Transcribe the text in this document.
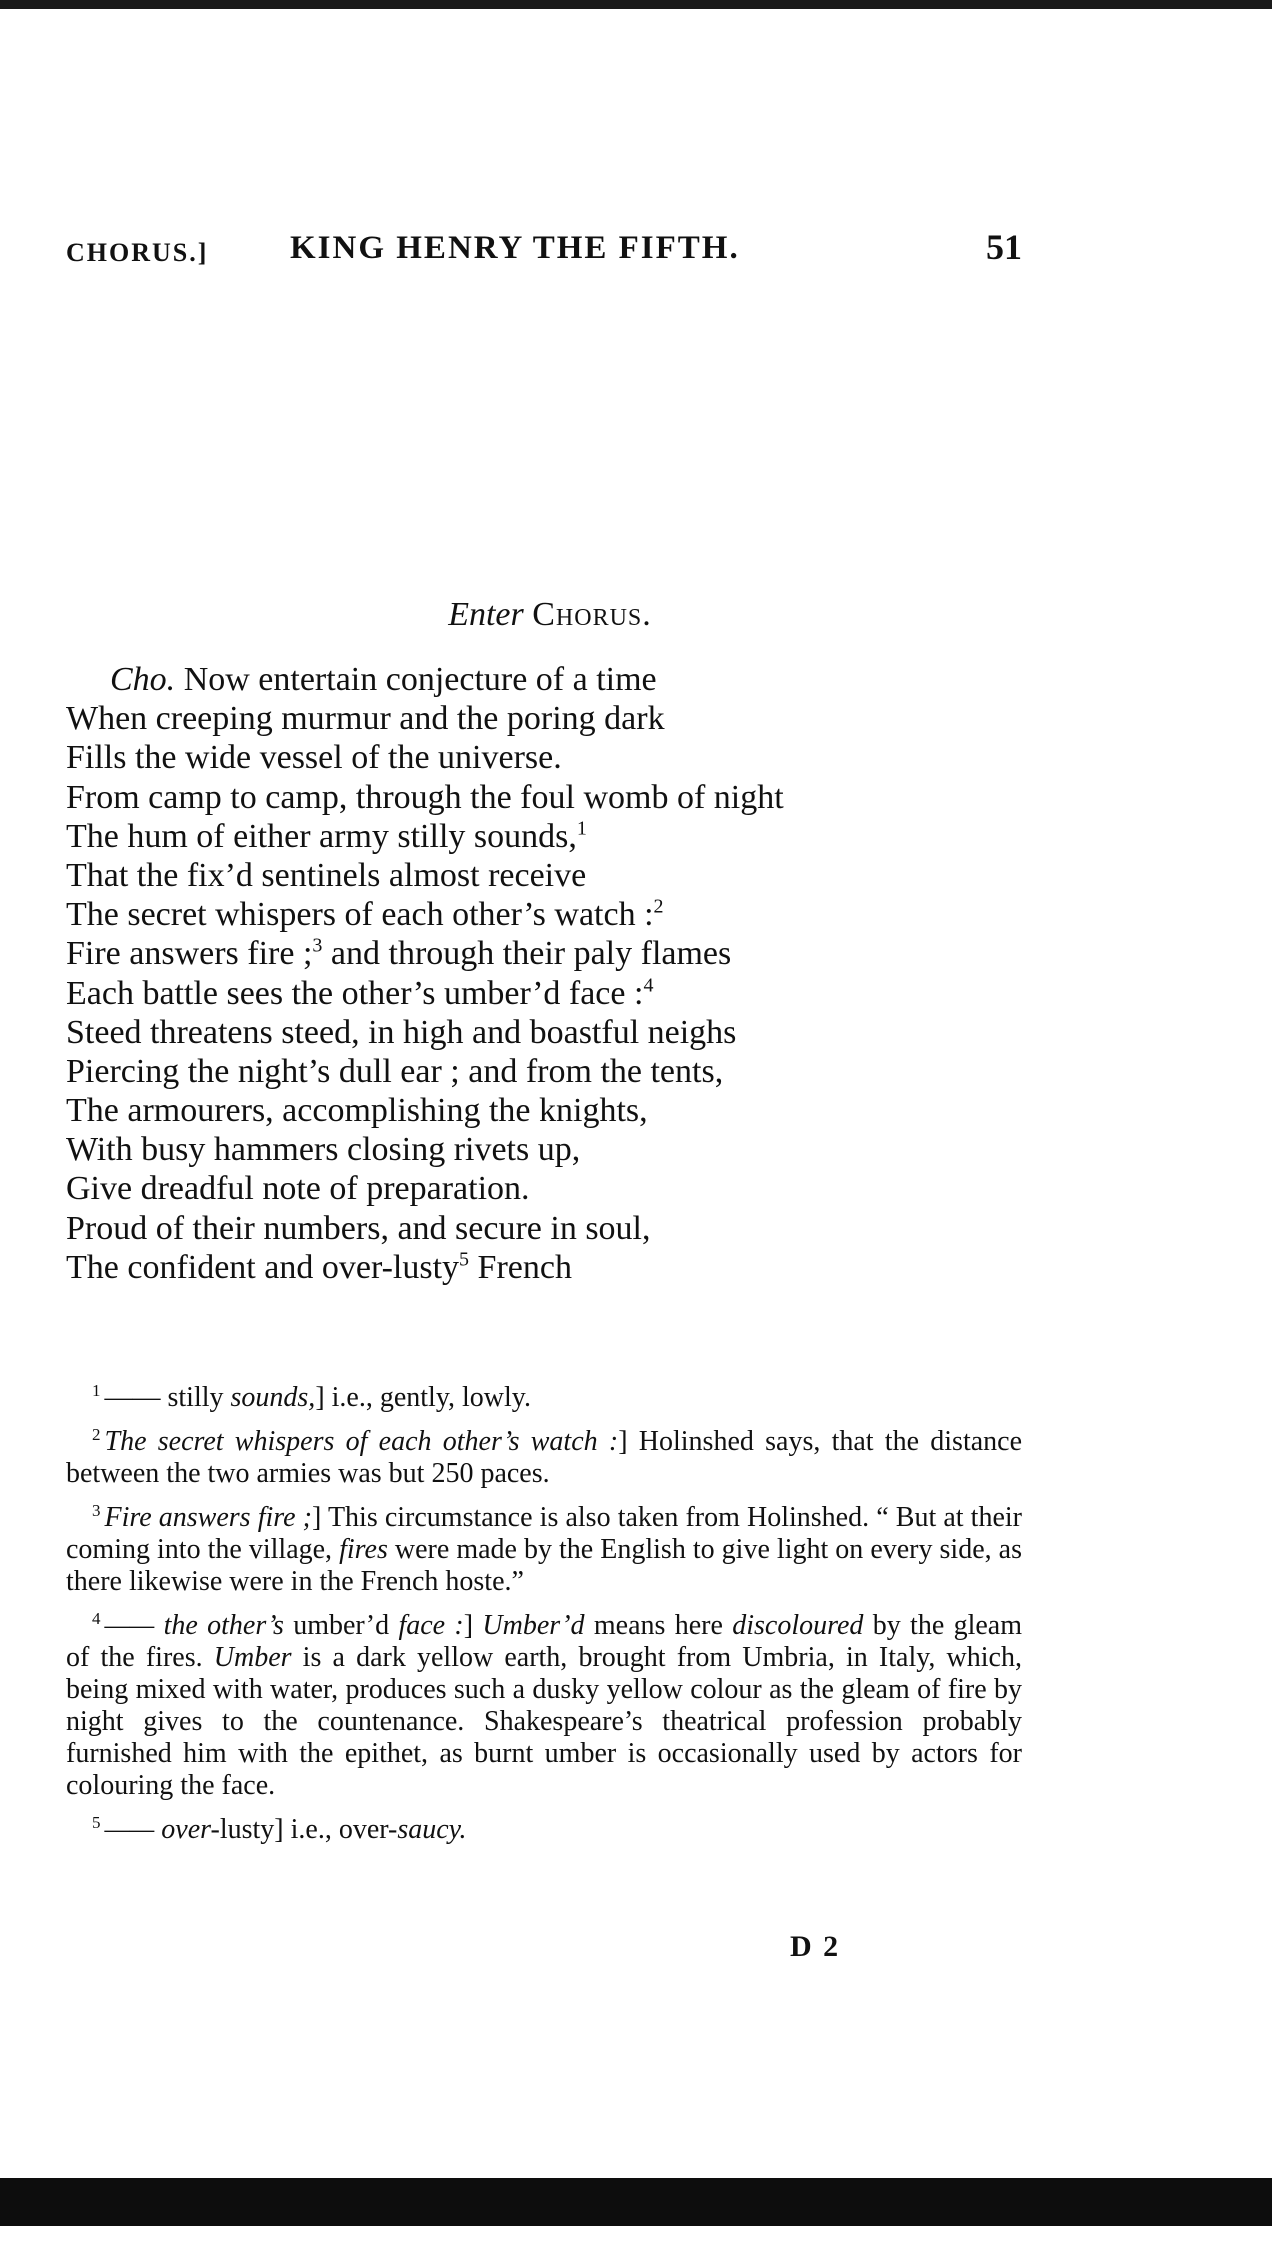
CHORUS.] KING HENRY THE FIFTH.	51
Enter Chorus.
Cho. Now entertain conjecture of a time
When creeping murmur and the poring dark
Fills the wide vessel of the universe.
From camp to camp, through the foul womb of night
The hum of either army stilly sounds,$^1$
That the fix’d sentinels almost receive
The secret whispers of each other’s watch :$^2$
Fire answers fire ;$^3$ and through their paly flames
Each battle sees the other’s umber’d face :$^4$
Steed threatens steed, in high and boastful neighs
Piercing the night’s dull ear ; and from the tents,
The armourers, accomplishing the knights,
With busy hammers closing rivets up,
Give dreadful note of preparation.
Proud of their numbers, and secure in soul,
The confident and over-lusty$^5$ French

$^1$ —— stilly sounds,] i.e., gently, lowly.

$^2$ The secret whispers of each other’s watch :] Holinshed says, that the distance between the two armies was but 250 paces.

$^3$ Fire answers fire ;] This circumstance is also taken from Holinshed. “ But at their coming into the village, fires were made by the English to give light on every side, as there likewise were in the French hoste.”

$^4$ —— the other’s umber’d face :] Umber’d means here discoloured by the gleam of the fires. Umber is a dark yellow earth, brought from Umbria, in Italy, which, being mixed with water, produces such a dusky yellow colour as the gleam of fire by night gives to the countenance. Shakespeare’s theatrical profession probably furnished him with the epithet, as burnt umber is occasionally used by actors for colouring the face.

$^5$ —— over-lusty] i.e., over-saucy.

D 2
